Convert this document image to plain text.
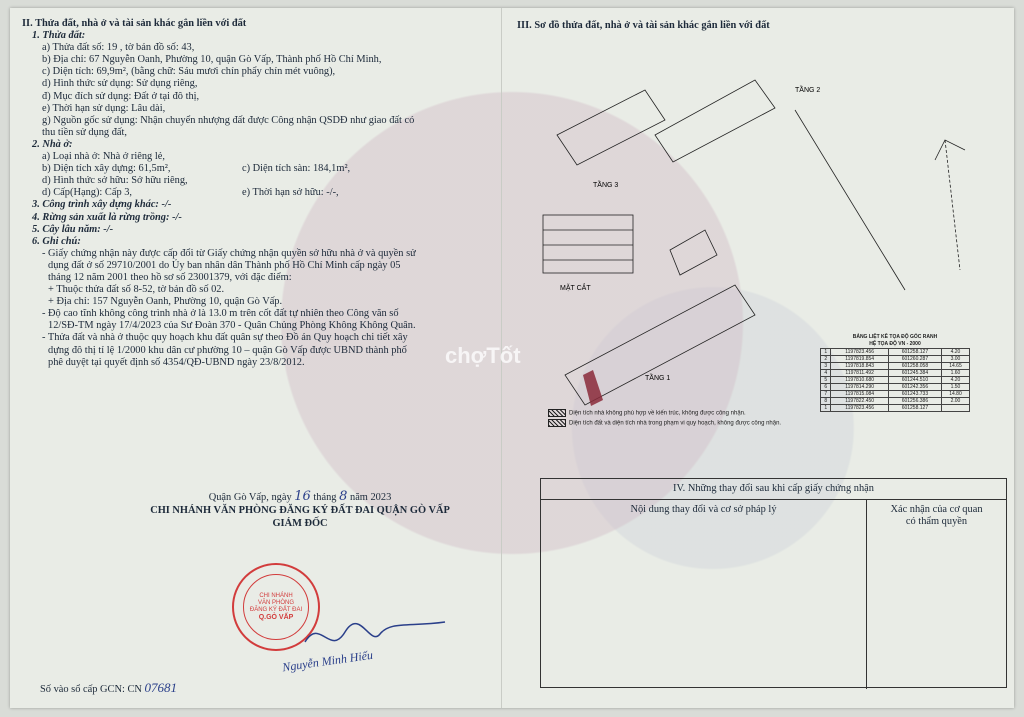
II. Thửa đất, nhà ở và tài sản khác gắn liền với đất
1. Thửa đất:
a) Thửa đất số: 19 , tờ bản đồ số: 43,
b) Địa chỉ: 67 Nguyễn Oanh, Phường 10, quận Gò Vấp, Thành phố Hồ Chí Minh,
c) Diện tích: 69,9m², (bằng chữ: Sáu mươi chín phẩy chín mét vuông),
d) Hình thức sử dụng: Sử dụng riêng,
đ) Mục đích sử dụng: Đất ở tại đô thị,
e) Thời hạn sử dụng: Lâu dài,
g) Nguồn gốc sử dụng: Nhận chuyển nhượng đất được Công nhận QSDĐ như giao đất có
thu tiền sử dụng đất,
2. Nhà ở:
a) Loại nhà ở: Nhà ở riêng lẻ,
b) Diện tích xây dựng: 61,5m²,	c) Diện tích sàn: 184,1m²,
d) Hình thức sở hữu: Sở hữu riêng,
d) Cấp(Hạng): Cấp 3,	e) Thời hạn sở hữu: -/-,
3. Công trình xây dựng khác: -/-
4. Rừng sản xuất là rừng trồng: -/-
5. Cây lâu năm: -/-
6. Ghi chú:
- Giấy chứng nhận này được cấp đổi từ Giấy chứng nhận quyền sở hữu nhà ở và quyền sử
dụng đất ở số 29710/2001 do Ủy ban nhân dân Thành phố Hồ Chí Minh cấp ngày 05
tháng 12 năm 2001 theo hồ sơ số 23001379, với đặc điểm:
+ Thuộc thửa đất số 8-52, tờ bản đồ số 02.
+ Địa chỉ: 157 Nguyễn Oanh, Phường 10, quận Gò Vấp.
- Độ cao tĩnh không công trình nhà ở là 13.0 m trên cốt đất tự nhiên theo Công văn số
12/SĐ-TM ngày 17/4/2023 của Sư Đoàn 370 - Quân Chủng Phòng Không Không Quân.
- Thửa đất và nhà ở thuộc quy hoạch khu đất quân sự theo Đồ án Quy hoạch chi tiết xây
dựng đô thị tỉ lệ 1/2000 khu dân cư phường 10 – quận Gò Vấp được UBND thành phố
phê duyệt tại quyết định số 4354/QĐ-UBND ngày 23/8/2012.
Quận Gò Vấp, ngày 16 tháng 8 năm 2023
CHI NHÁNH VĂN PHÒNG ĐĂNG KÝ ĐẤT ĐAI QUẬN GÒ VẤP
GIÁM ĐỐC
CHI NHÁNH
VĂN PHÒNG
ĐĂNG KÝ ĐẤT ĐAI
Q.GÒ VẤP
Nguyễn Minh Hiếu
Số vào sổ cấp GCN: CN 07681
III. Sơ đồ thửa đất, nhà ở và tài sản khác gắn liền với đất
TẦNG 2
TẦNG 3
MẶT CẮT
TẦNG 1
Diện tích nhà không phù hợp về kiến trúc, không được công nhận.
Diện tích đất và diện tích nhà trong phạm vi quy hoạch, không được công nhận.
BẢNG LIỆT KÊ TỌA ĐỘ GÓC RANH
HỆ TỌA ĐỘ VN - 2000
1	1197823.456	601258.127	4.20
2	1197819.854	601260.287	3.00
3	1197818.843	601258.058	14.65
4	1197811.492	601245.384	1.60
5	1197810.680	601244.510	4.20
6	1197814.290	601242.356	1.50
7	1197815.084	601243.733	14.80
8	1197822.450	601256.386	2.00
1	1197823.456	601258.127	
chợTốt
IV. Những thay đổi sau khi cấp giấy chứng nhận
Nội dung thay đổi và cơ sở pháp lý	Xác nhận của cơ quan
có thẩm quyền
